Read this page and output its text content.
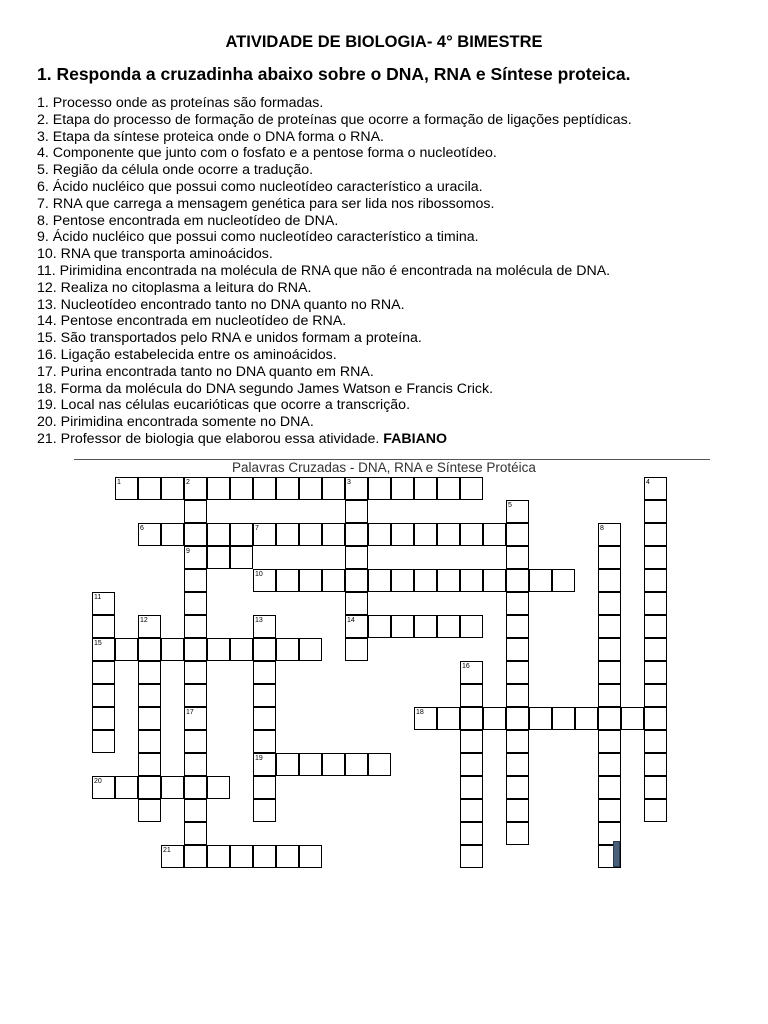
ATIVIDADE DE BIOLOGIA- 4° BIMESTRE
1. Responda a cruzadinha abaixo sobre o DNA, RNA e Síntese proteica.
1. Processo onde as proteínas são formadas.
2. Etapa do processo de formação de proteínas que ocorre a formação de ligações peptídicas.
3. Etapa da síntese proteica onde o DNA forma o RNA.
4. Componente que junto com o fosfato e a pentose forma o nucleotídeo.
5. Região da célula onde ocorre a tradução.
6. Ácido nucléico que possui como nucleotídeo característico a uracila.
7. RNA que carrega a mensagem genética para ser lida nos ribossomos.
8. Pentose encontrada em nucleotídeo de DNA.
9. Ácido nucléico que possui como nucleotídeo característico a timina.
10. RNA que transporta aminoácidos.
11. Pirimidina encontrada na molécula de RNA que não é encontrada na molécula de DNA.
12. Realiza no citoplasma a leitura do RNA.
13. Nucleotídeo encontrado tanto no DNA quanto no RNA.
14. Pentose encontrada em nucleotídeo de RNA.
15. São transportados pelo RNA e unidos formam a proteína.
16. Ligação estabelecida entre os aminoácidos.
17. Purina encontrada tanto no DNA quanto em RNA.
18. Forma da molécula do DNA segundo James Watson e Francis Crick.
19. Local nas células eucarióticas que ocorre a transcrição.
20. Pirimidina encontrada somente no DNA.
21. Professor de biologia que elaborou essa atividade. FABIANO
Palavras Cruzadas - DNA, RNA e Síntese Protéica
1	2	3	4
5
6	7	8
9
10
11
12	13	14
15
16
17	18
19
20
21
